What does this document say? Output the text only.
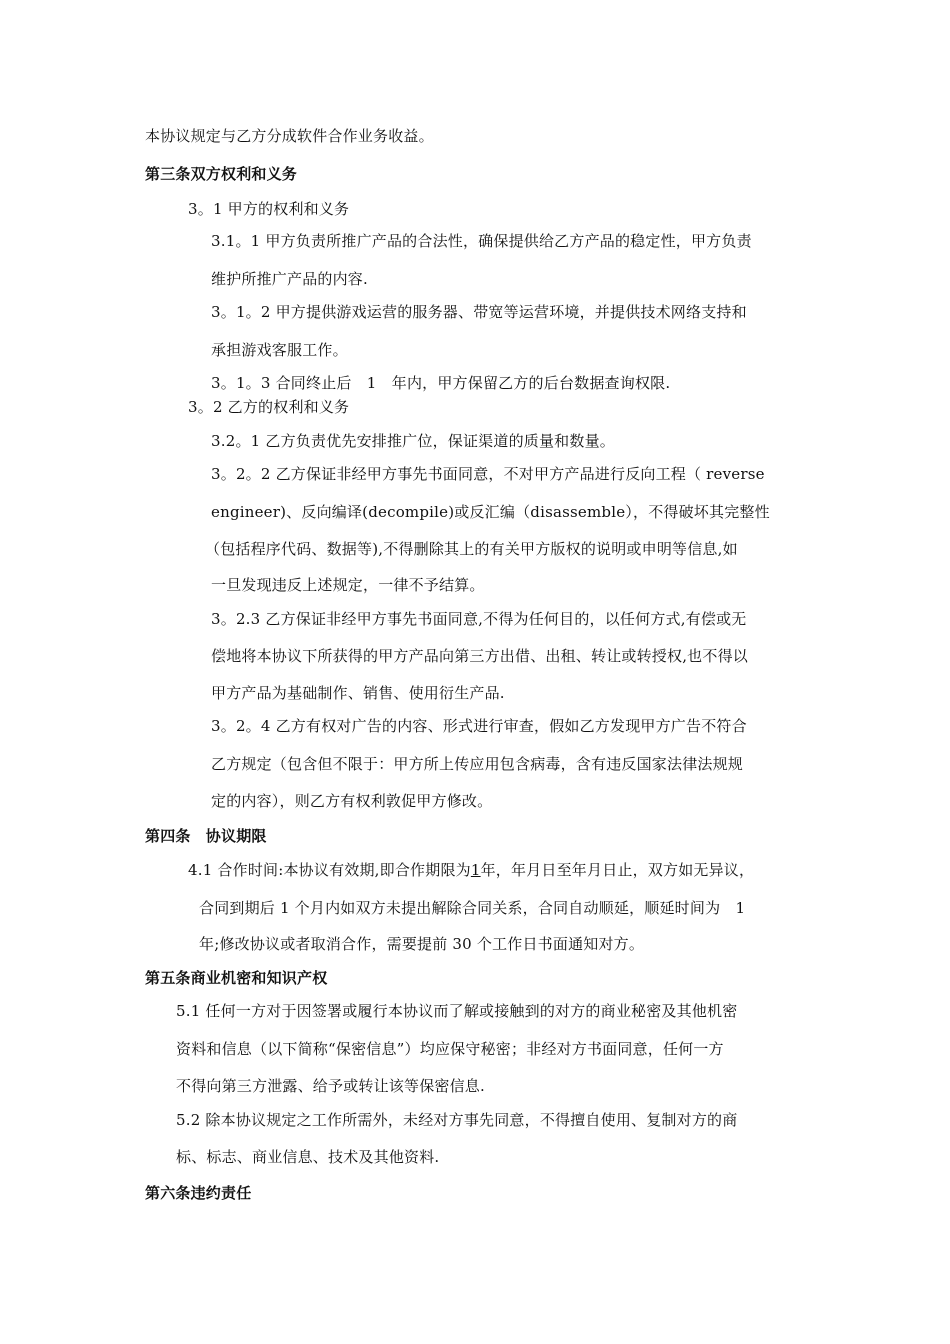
本协议规定与乙方分成软件合作业务收益。
第三条双方权利和义务
3。1 甲方的权利和义务
3.1。1 甲方负责所推广产品的合法性，确保提供给乙方产品的稳定性，甲方负责
维护所推广产品的内容.
3。1。2 甲方提供游戏运营的服务器、带宽等运营环境，并提供技术网络支持和
承担游戏客服工作。
3。1。3 合同终止后　1　年内，甲方保留乙方的后台数据查询权限.
3。2 乙方的权利和义务
3.2。1 乙方负责优先安排推广位，保证渠道的质量和数量。
3。2。2 乙方保证非经甲方事先书面同意，不对甲方产品进行反向工程（ reverse
engineer)、反向编译(decompile)或反汇编（disassemble），不得破坏其完整性
（包括程序代码、数据等),不得删除其上的有关甲方版权的说明或申明等信息,如
一旦发现违反上述规定，一律不予结算。
3。2.3 乙方保证非经甲方事先书面同意,不得为任何目的，以任何方式,有偿或无
偿地将本协议下所获得的甲方产品向第三方出借、出租、转让或转授权,也不得以
甲方产品为基础制作、销售、使用衍生产品.
3。2。4 乙方有权对广告的内容、形式进行审查，假如乙方发现甲方广告不符合
乙方规定（包含但不限于：甲方所上传应用包含病毒，含有违反国家法律法规规
定的内容），则乙方有权利敦促甲方修改。
第四条　协议期限
4.1 合作时间:本协议有效期,即合作期限为1年，年月日至年月日止，双方如无异议，
合同到期后 1 个月内如双方未提出解除合同关系，合同自动顺延，顺延时间为　1
年;修改协议或者取消合作，需要提前 30 个工作日书面通知对方。
第五条商业机密和知识产权
5.1 任何一方对于因签署或履行本协议而了解或接触到的对方的商业秘密及其他机密
资料和信息（以下简称“保密信息”）均应保守秘密；非经对方书面同意，任何一方
不得向第三方泄露、给予或转让该等保密信息.
5.2 除本协议规定之工作所需外，未经对方事先同意，不得擅自使用、复制对方的商
标、标志、商业信息、技术及其他资料.
第六条违约责任
